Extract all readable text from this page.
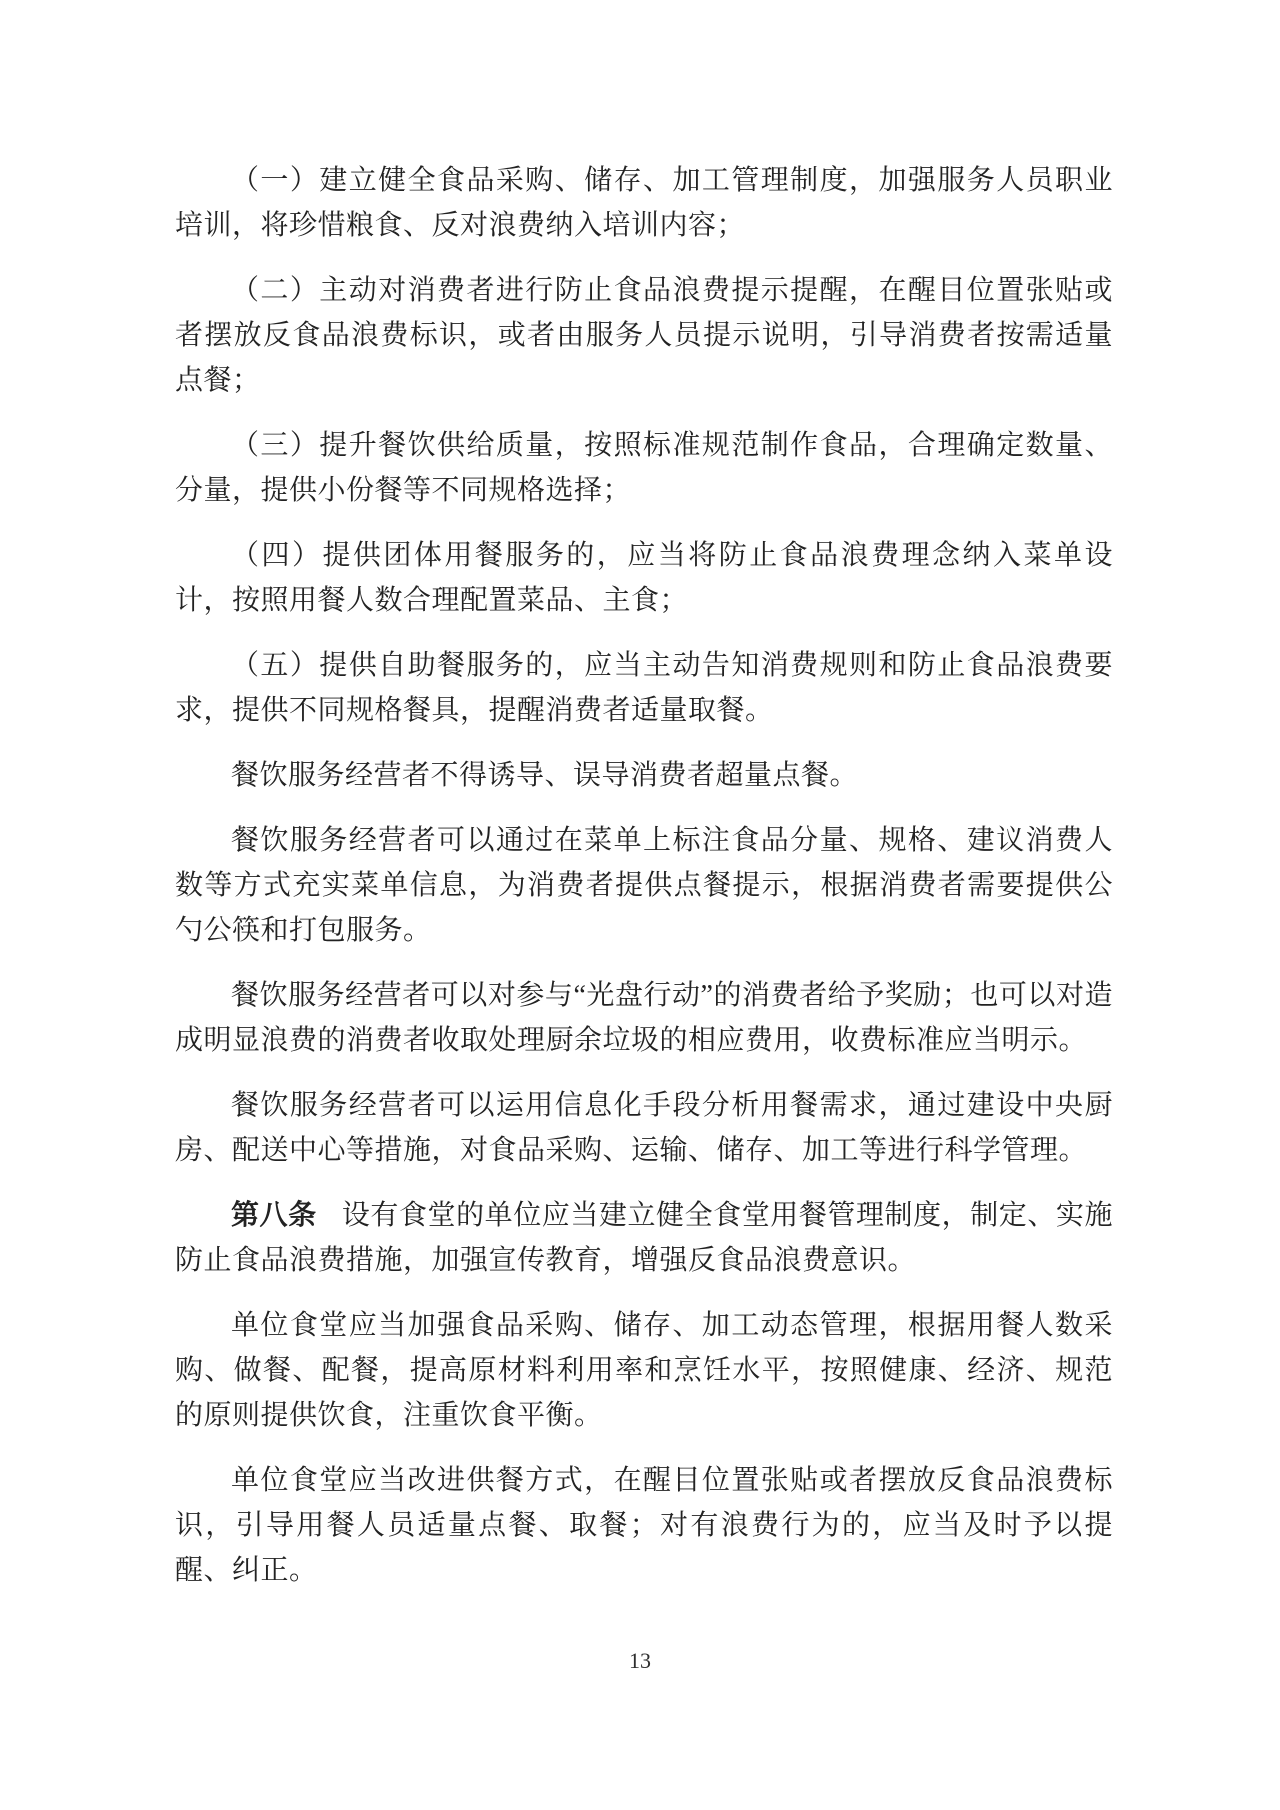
（一）建立健全食品采购、储存、加工管理制度，加强服务人员职业培训，将珍惜粮食、反对浪费纳入培训内容；

（二）主动对消费者进行防止食品浪费提示提醒，在醒目位置张贴或者摆放反食品浪费标识，或者由服务人员提示说明，引导消费者按需适量点餐；

（三）提升餐饮供给质量，按照标准规范制作食品，合理确定数量、分量，提供小份餐等不同规格选择；

（四）提供团体用餐服务的，应当将防止食品浪费理念纳入菜单设计，按照用餐人数合理配置菜品、主食；

（五）提供自助餐服务的，应当主动告知消费规则和防止食品浪费要求，提供不同规格餐具，提醒消费者适量取餐。

餐饮服务经营者不得诱导、误导消费者超量点餐。

餐饮服务经营者可以通过在菜单上标注食品分量、规格、建议消费人数等方式充实菜单信息，为消费者提供点餐提示，根据消费者需要提供公勺公筷和打包服务。

餐饮服务经营者可以对参与“光盘行动”的消费者给予奖励；也可以对造成明显浪费的消费者收取处理厨余垃圾的相应费用，收费标准应当明示。

餐饮服务经营者可以运用信息化手段分析用餐需求，通过建设中央厨房、配送中心等措施，对食品采购、运输、储存、加工等进行科学管理。

第八条 设有食堂的单位应当建立健全食堂用餐管理制度，制定、实施防止食品浪费措施，加强宣传教育，增强反食品浪费意识。

单位食堂应当加强食品采购、储存、加工动态管理，根据用餐人数采购、做餐、配餐，提高原材料利用率和烹饪水平，按照健康、经济、规范的原则提供饮食，注重饮食平衡。

单位食堂应当改进供餐方式，在醒目位置张贴或者摆放反食品浪费标识，引导用餐人员适量点餐、取餐；对有浪费行为的，应当及时予以提醒、纠正。

13
